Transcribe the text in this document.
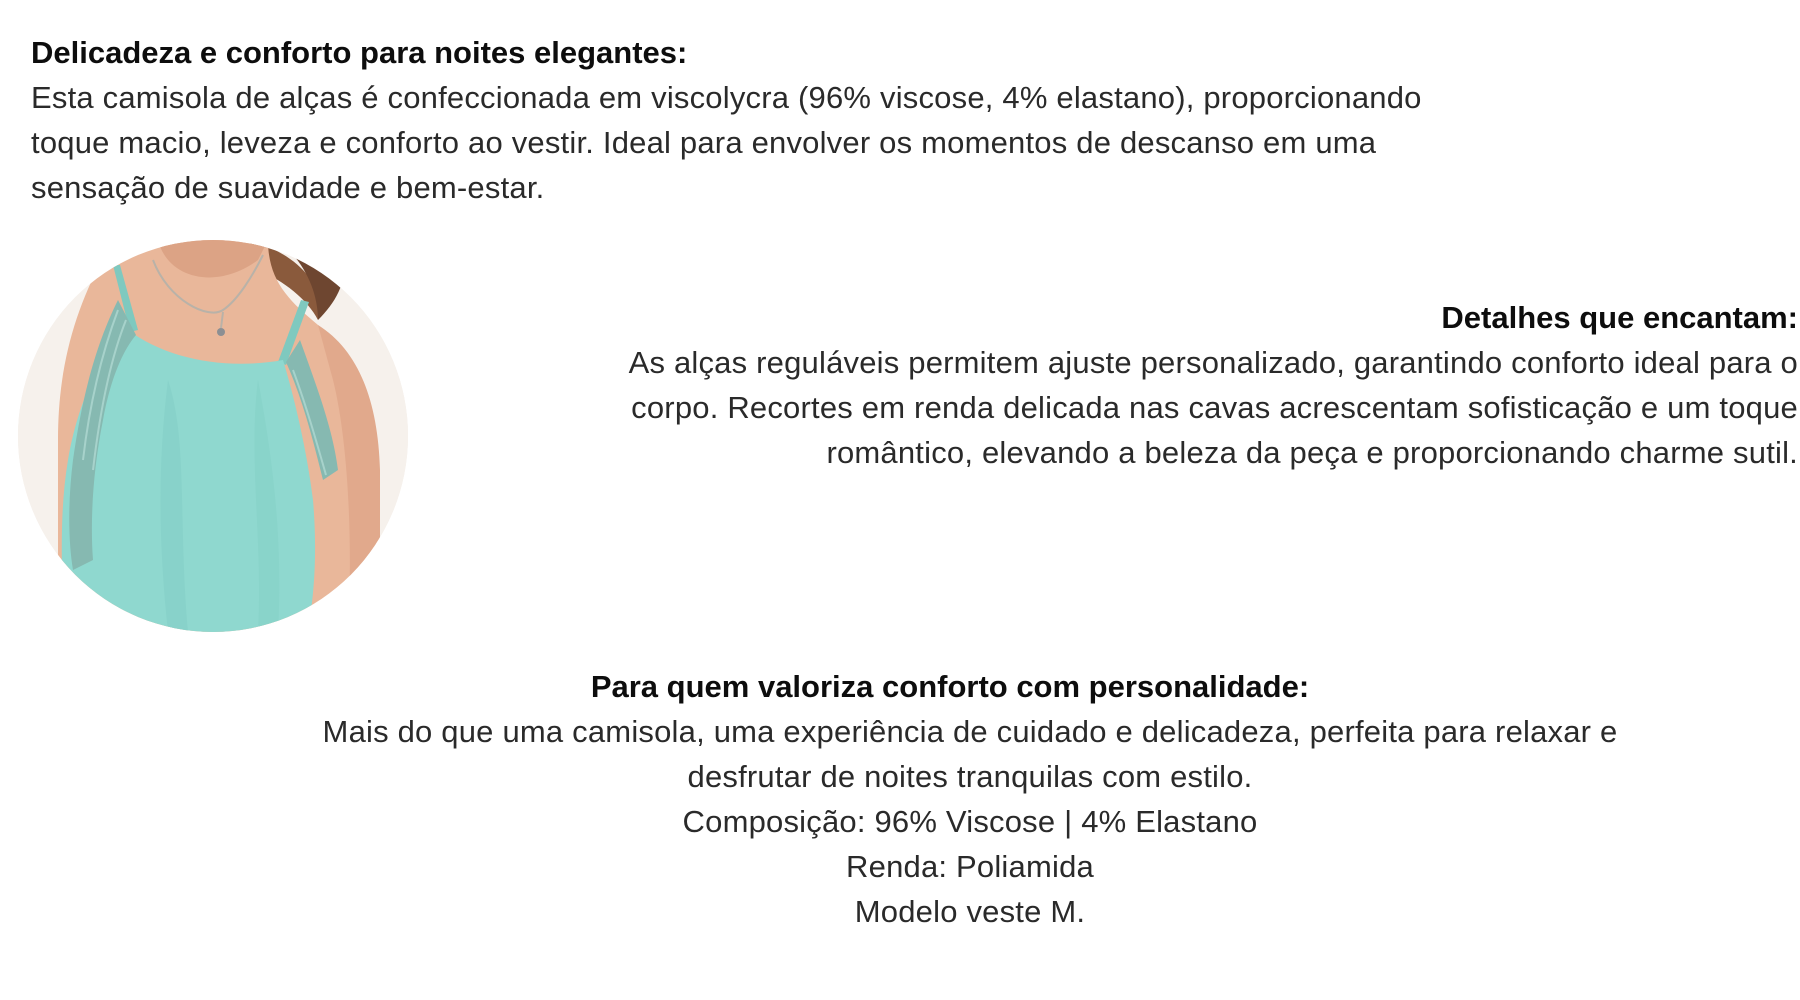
Delicadeza e conforto para noites elegantes:

Esta camisola de alças é confeccionada em viscolycra (96% viscose, 4% elastano), proporcionando

toque macio, leveza e conforto ao vestir. Ideal para envolver os momentos de descanso em uma

sensação de suavidade e bem-estar.

Detalhes que encantam:

As alças reguláveis permitem ajuste personalizado, garantindo conforto ideal para o

corpo. Recortes em renda delicada nas cavas acrescentam sofisticação e um toque

romântico, elevando a beleza da peça e proporcionando charme sutil.

Para quem valoriza conforto com personalidade:

Mais do que uma camisola, uma experiência de cuidado e delicadeza, perfeita para relaxar e

desfrutar de noites tranquilas com estilo.

Composição: 96% Viscose | 4% Elastano

Renda: Poliamida

Modelo veste M.
